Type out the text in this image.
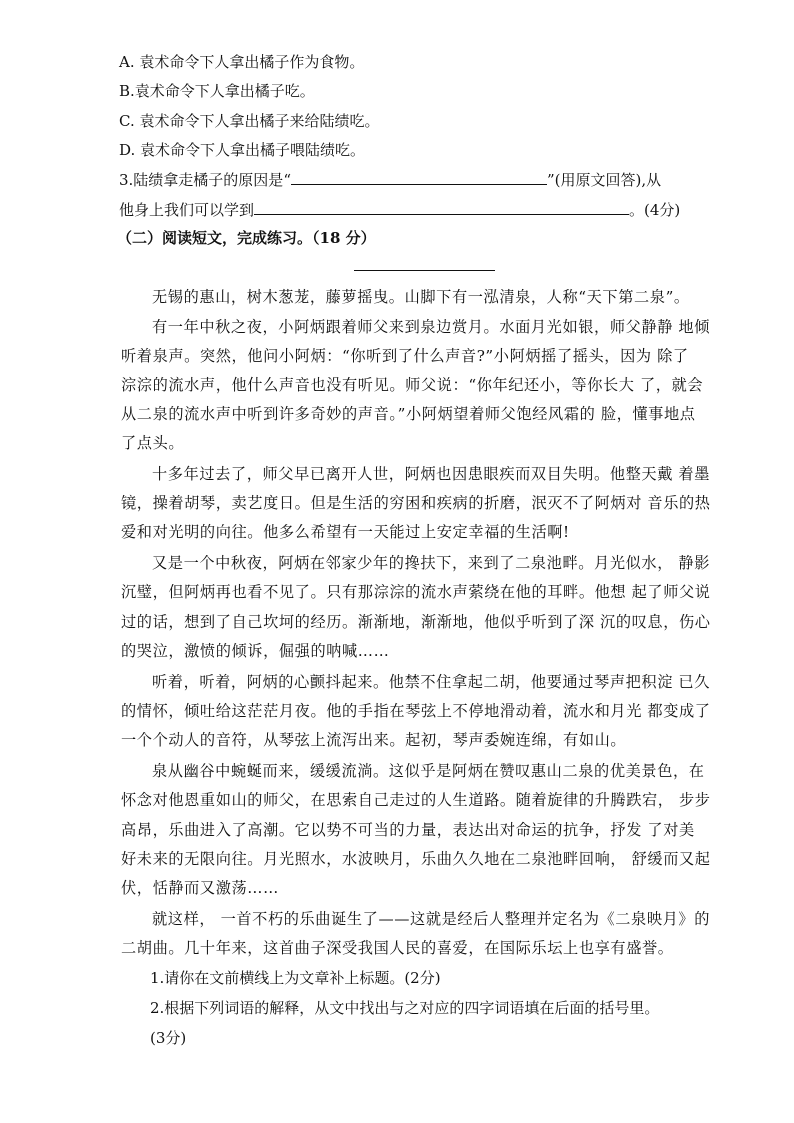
A. 袁术命令下人拿出橘子作为食物。
B.袁术命令下人拿出橘子吃。
C. 袁术命令下人拿出橘子来给陆绩吃。
D. 袁术命令下人拿出橘子喂陆绩吃。
3.陆绩拿走橘子的原因是“	”(用原文回答),从
他身上我们可以学到	。(4分)
（二）阅读短文，完成练习。（18 分）
无锡的惠山，树木葱茏，藤萝摇曳。山脚下有一泓清泉，人称“天下第二泉”。
有一年中秋之夜，小阿炳跟着师父来到泉边赏月。水面月光如银，师父静静 地倾
听着泉声。突然，他问小阿炳：“你听到了什么声音?”小阿炳摇了摇头，因为 除了
淙淙的流水声，他什么声音也没有听见。师父说：“你年纪还小，等你长大 了，就会
从二泉的流水声中听到许多奇妙的声音。”小阿炳望着师父饱经风霜的 脸，懂事地点
了点头。
十多年过去了，师父早已离开人世，阿炳也因患眼疾而双目失明。他整天戴 着墨
镜，操着胡琴，卖艺度日。但是生活的穷困和疾病的折磨，泯灭不了阿炳对 音乐的热
爱和对光明的向往。他多么希望有一天能过上安定幸福的生活啊!
又是一个中秋夜，阿炳在邻家少年的搀扶下，来到了二泉池畔。月光似水， 静影
沉璧，但阿炳再也看不见了。只有那淙淙的流水声萦绕在他的耳畔。他想 起了师父说
过的话，想到了自己坎坷的经历。渐渐地，渐渐地，他似乎听到了深 沉的叹息，伤心
的哭泣，激愤的倾诉，倔强的呐喊……
听着，听着，阿炳的心颤抖起来。他禁不住拿起二胡，他要通过琴声把积淀 已久
的情怀，倾吐给这茫茫月夜。他的手指在琴弦上不停地滑动着，流水和月光 都变成了
一个个动人的音符，从琴弦上流泻出来。起初，琴声委婉连绵，有如山。
泉从幽谷中蜿蜒而来，缓缓流淌。这似乎是阿炳在赞叹惠山二泉的优美景色，在
怀念对他恩重如山的师父，在思索自己走过的人生道路。随着旋律的升腾跌宕， 步步
高昂，乐曲进入了高潮。它以势不可当的力量，表达出对命运的抗争，抒发 了对美
好未来的无限向往。月光照水，水波映月，乐曲久久地在二泉池畔回响， 舒缓而又起
伏，恬静而又激荡……
就这样， 一首不朽的乐曲诞生了——这就是经后人整理并定名为《二泉映月》的
二胡曲。几十年来，这首曲子深受我国人民的喜爱，在国际乐坛上也享有盛誉。
1.请你在文前横线上为文章补上标题。(2分)
2.根据下列词语的解释，从文中找出与之对应的四字词语填在后面的括号里。
(3分)
